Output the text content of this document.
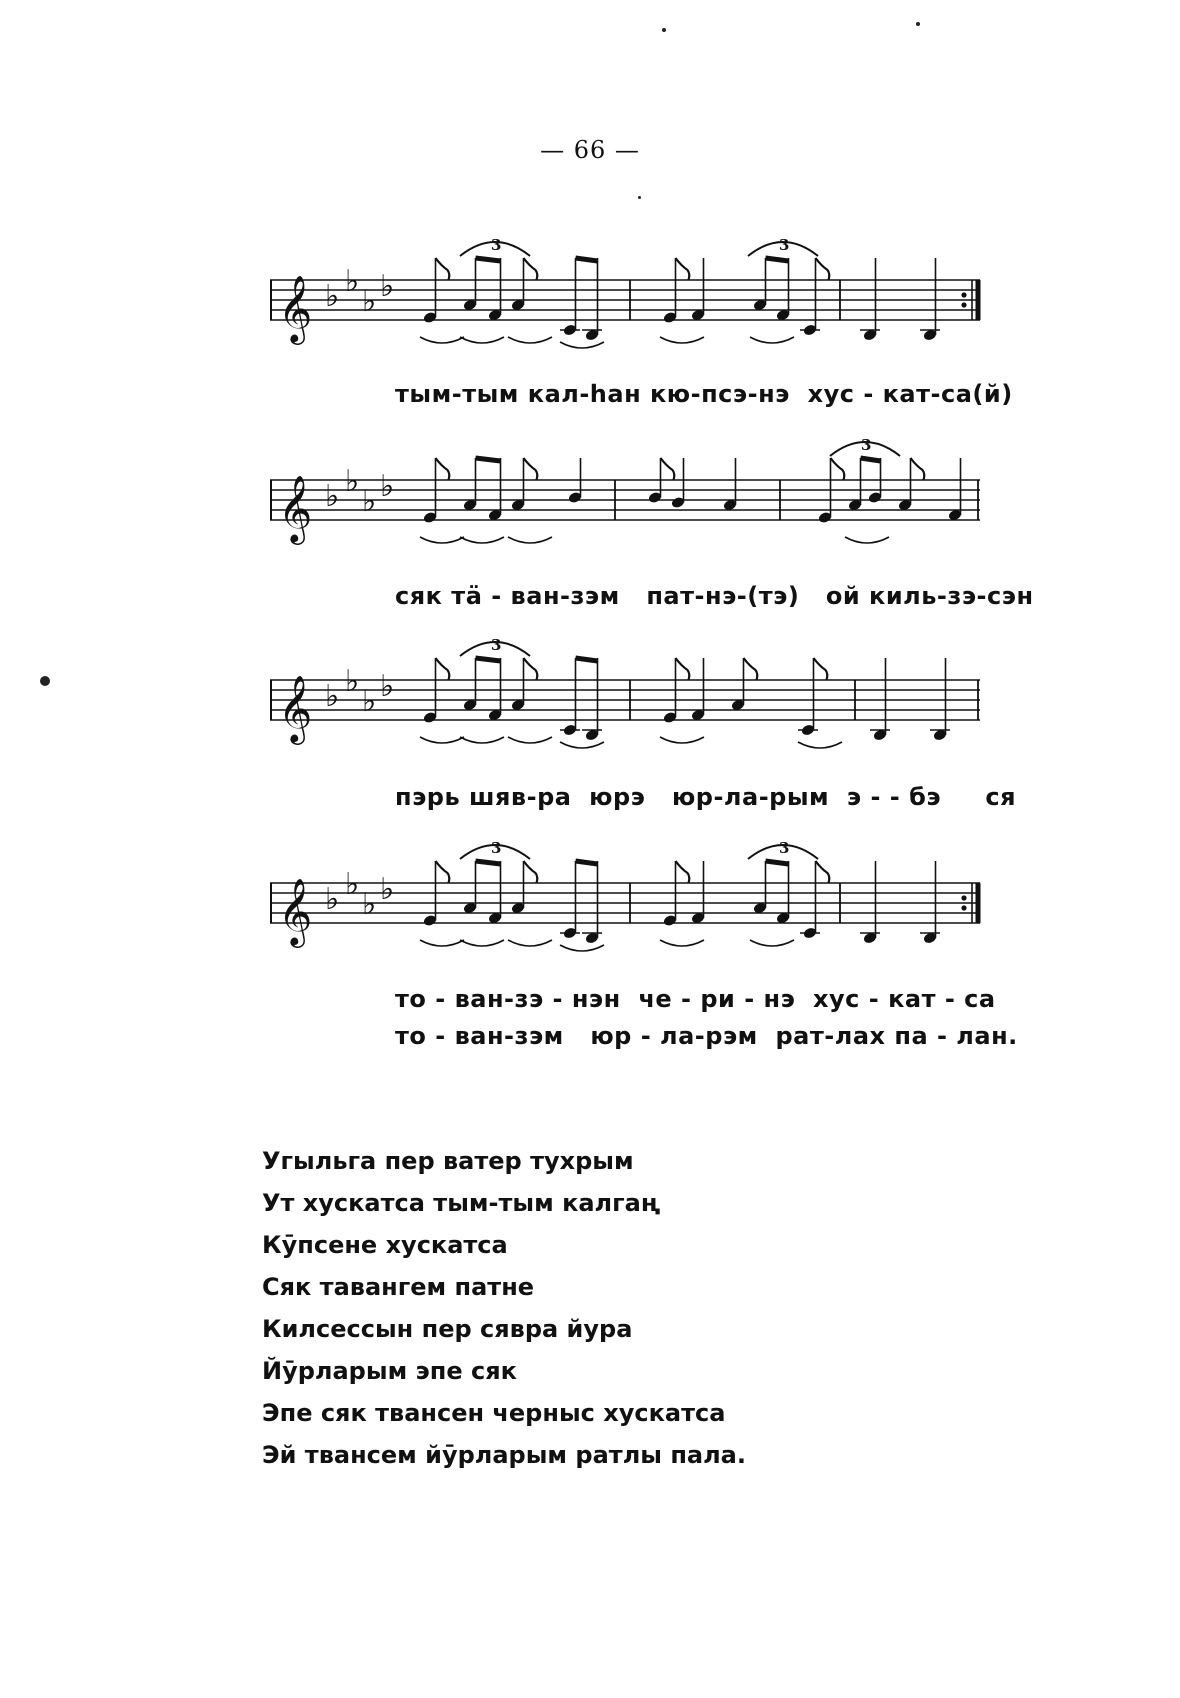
— 66 —
𝄞 ♭ ♭
♭ ♭
3	3
тым-тым кал-һан кю-псэ-нэ  хус - кат-са(й)
𝄞 ♭ ♭
♭ ♭
3
сяк тä - ван-зэм   пат-нэ-(тэ)   ой киль-зэ-сэн
𝄞 ♭ ♭
♭ ♭
3
пэрь шяв-ра  юрэ   юр-ла-рым  э - - бэ     ся
𝄞 ♭ ♭
♭ ♭
3	3
то - ван-зэ - нэн  че - ри - нэ  хус - кат - са
то - ван-зэм   юр - ла-рэм  рат-лах па - лан.
Угыльга пер ватер тухрым
Ут хускатса тым-тым калгаң
Кӯпсене хускатса
Сяк тавангем патне
Килсессын пер сявра йура
Йӯрларым эпе сяк
Эпе сяк твансен черныс хускатса
Эй твансем йӯрларым ратлы пала.
